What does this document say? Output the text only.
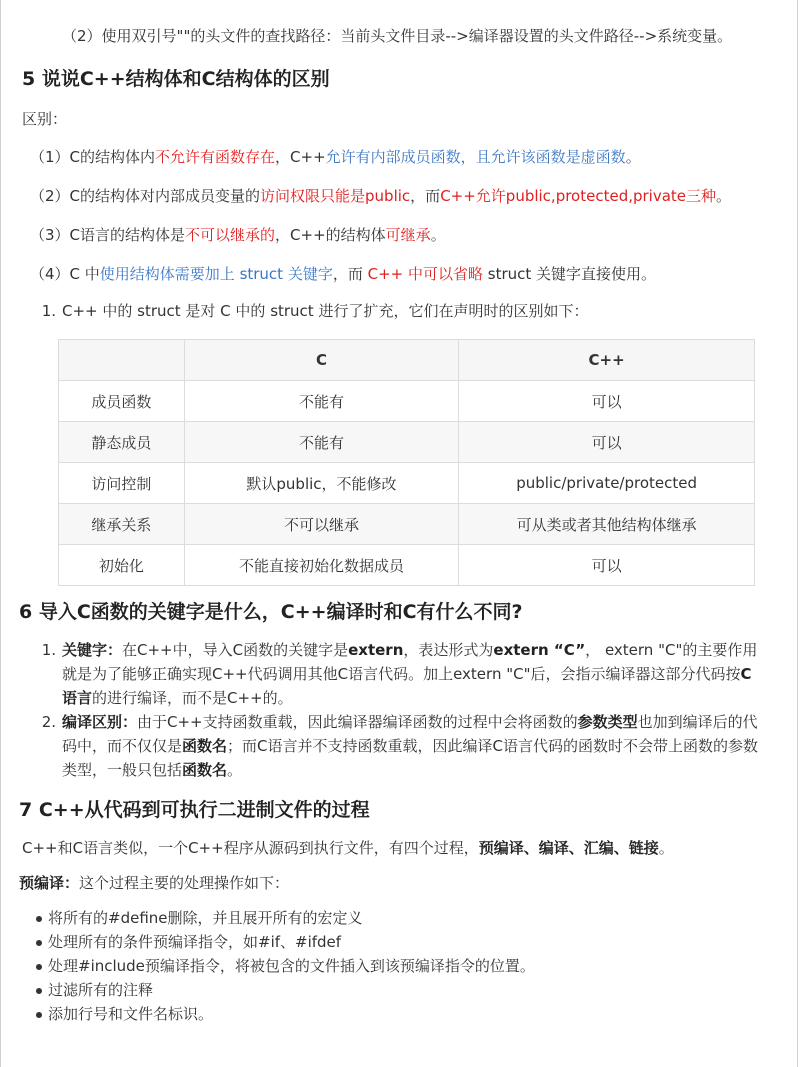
（2）使用双引号""的头文件的查找路径：当前头文件目录-->编译器设置的头文件路径-->系统变量。

5 说说C++结构体和C结构体的区别

区别：

（1）C的结构体内不允许有函数存在，C++允许有内部成员函数，且允许该函数是虚函数。

（2）C的结构体对内部成员变量的访问权限只能是public，而C++允许public,protected,private三种。

（3）C语言的结构体是不可以继承的，C++的结构体可继承。

（4）C 中使用结构体需要加上 struct 关键字，而 C++ 中可以省略 struct 关键字直接使用。

1. C++ 中的 struct 是对 C 中的 struct 进行了扩充，它们在声明时的区别如下：
	C	C++
成员函数	不能有	可以
静态成员	不能有	可以
访问控制	默认public，不能修改	public/private/protected
继承关系	不可以继承	可从类或者其他结构体继承
初始化	不能直接初始化数据成员	可以
6 导入C函数的关键字是什么，C++编译时和C有什么不同?
1. 关键字：在C++中，导入C函数的关键字是extern，表达形式为extern “C”， extern "C"的主要作用就是为了能够正确实现C++代码调用其他C语言代码。加上extern "C"后，会指示编译器这部分代码按C语言的进行编译，而不是C++的。
2. 编译区别：由于C++支持函数重载，因此编译器编译函数的过程中会将函数的参数类型也加到编译后的代码中，而不仅仅是函数名；而C语言并不支持函数重载，因此编译C语言代码的函数时不会带上函数的参数类型，一般只包括函数名。
7 C++从代码到可执行二进制文件的过程

C++和C语言类似，一个C++程序从源码到执行文件，有四个过程，预编译、编译、汇编、链接。

预编译：这个过程主要的处理操作如下：

将所有的#define删除，并且展开所有的宏定义
处理所有的条件预编译指令，如#if、#ifdef
处理#include预编译指令，将被包含的文件插入到该预编译指令的位置。
过滤所有的注释
添加行号和文件名标识。
